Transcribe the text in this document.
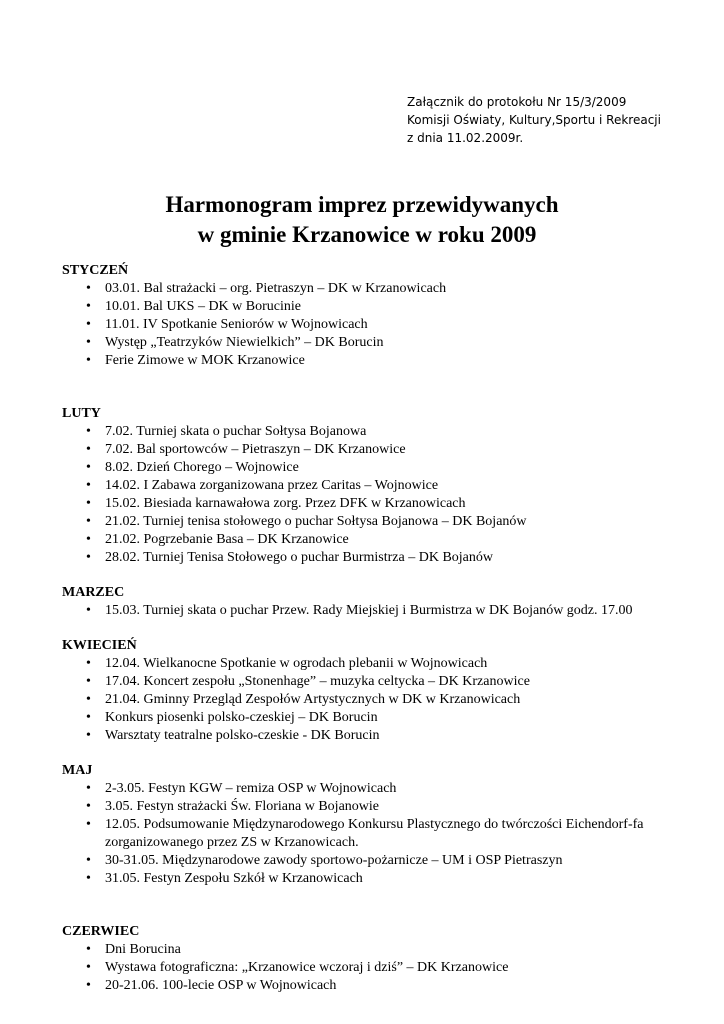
Załącznik do protokołu Nr 15/3/2009
Komisji Oświaty, Kultury,Sportu i Rekreacji
z dnia 11.02.2009r.
Harmonogram imprez przewidywanych
w gminie Krzanowice w roku 2009
STYCZEŃ
• 03.01. Bal strażacki – org. Pietraszyn – DK w Krzanowicach
• 10.01. Bal UKS – DK w Borucinie
• 11.01. IV Spotkanie Seniorów w Wojnowicach
• Występ „Teatrzyków Niewielkich” – DK Borucin
• Ferie Zimowe w MOK Krzanowice
LUTY
• 7.02. Turniej skata o puchar Sołtysa Bojanowa
• 7.02. Bal sportowców – Pietraszyn – DK Krzanowice
• 8.02. Dzień Chorego – Wojnowice
• 14.02. I Zabawa zorganizowana przez Caritas – Wojnowice
• 15.02. Biesiada karnawałowa zorg. Przez DFK w Krzanowicach
• 21.02. Turniej tenisa stołowego o puchar Sołtysa Bojanowa – DK Bojanów
• 21.02. Pogrzebanie Basa – DK Krzanowice
• 28.02. Turniej Tenisa Stołowego o puchar Burmistrza – DK Bojanów
MARZEC
• 15.03. Turniej skata o puchar Przew. Rady Miejskiej i Burmistrza w DK Bojanów godz. 17.00
KWIECIEŃ
• 12.04. Wielkanocne Spotkanie w ogrodach plebanii w Wojnowicach
• 17.04. Koncert zespołu „Stonenhage” – muzyka celtycka – DK Krzanowice
• 21.04. Gminny Przegląd Zespołów Artystycznych w DK w Krzanowicach
• Konkurs piosenki polsko-czeskiej – DK Borucin
• Warsztaty teatralne polsko-czeskie - DK Borucin
MAJ
• 2-3.05. Festyn KGW – remiza OSP w Wojnowicach
• 3.05. Festyn strażacki Św. Floriana w Bojanowie
• 12.05. Podsumowanie Międzynarodowego Konkursu Plastycznego do twórczości Eichendorf-fa zorganizowanego przez ZS w Krzanowicach.
• 30-31.05. Międzynarodowe zawody sportowo-pożarnicze – UM i OSP Pietraszyn
• 31.05. Festyn Zespołu Szkół w Krzanowicach
CZERWIEC
• Dni Borucina
• Wystawa fotograficzna: „Krzanowice wczoraj i dziś” – DK Krzanowice
• 20-21.06. 100-lecie OSP w Wojnowicach
